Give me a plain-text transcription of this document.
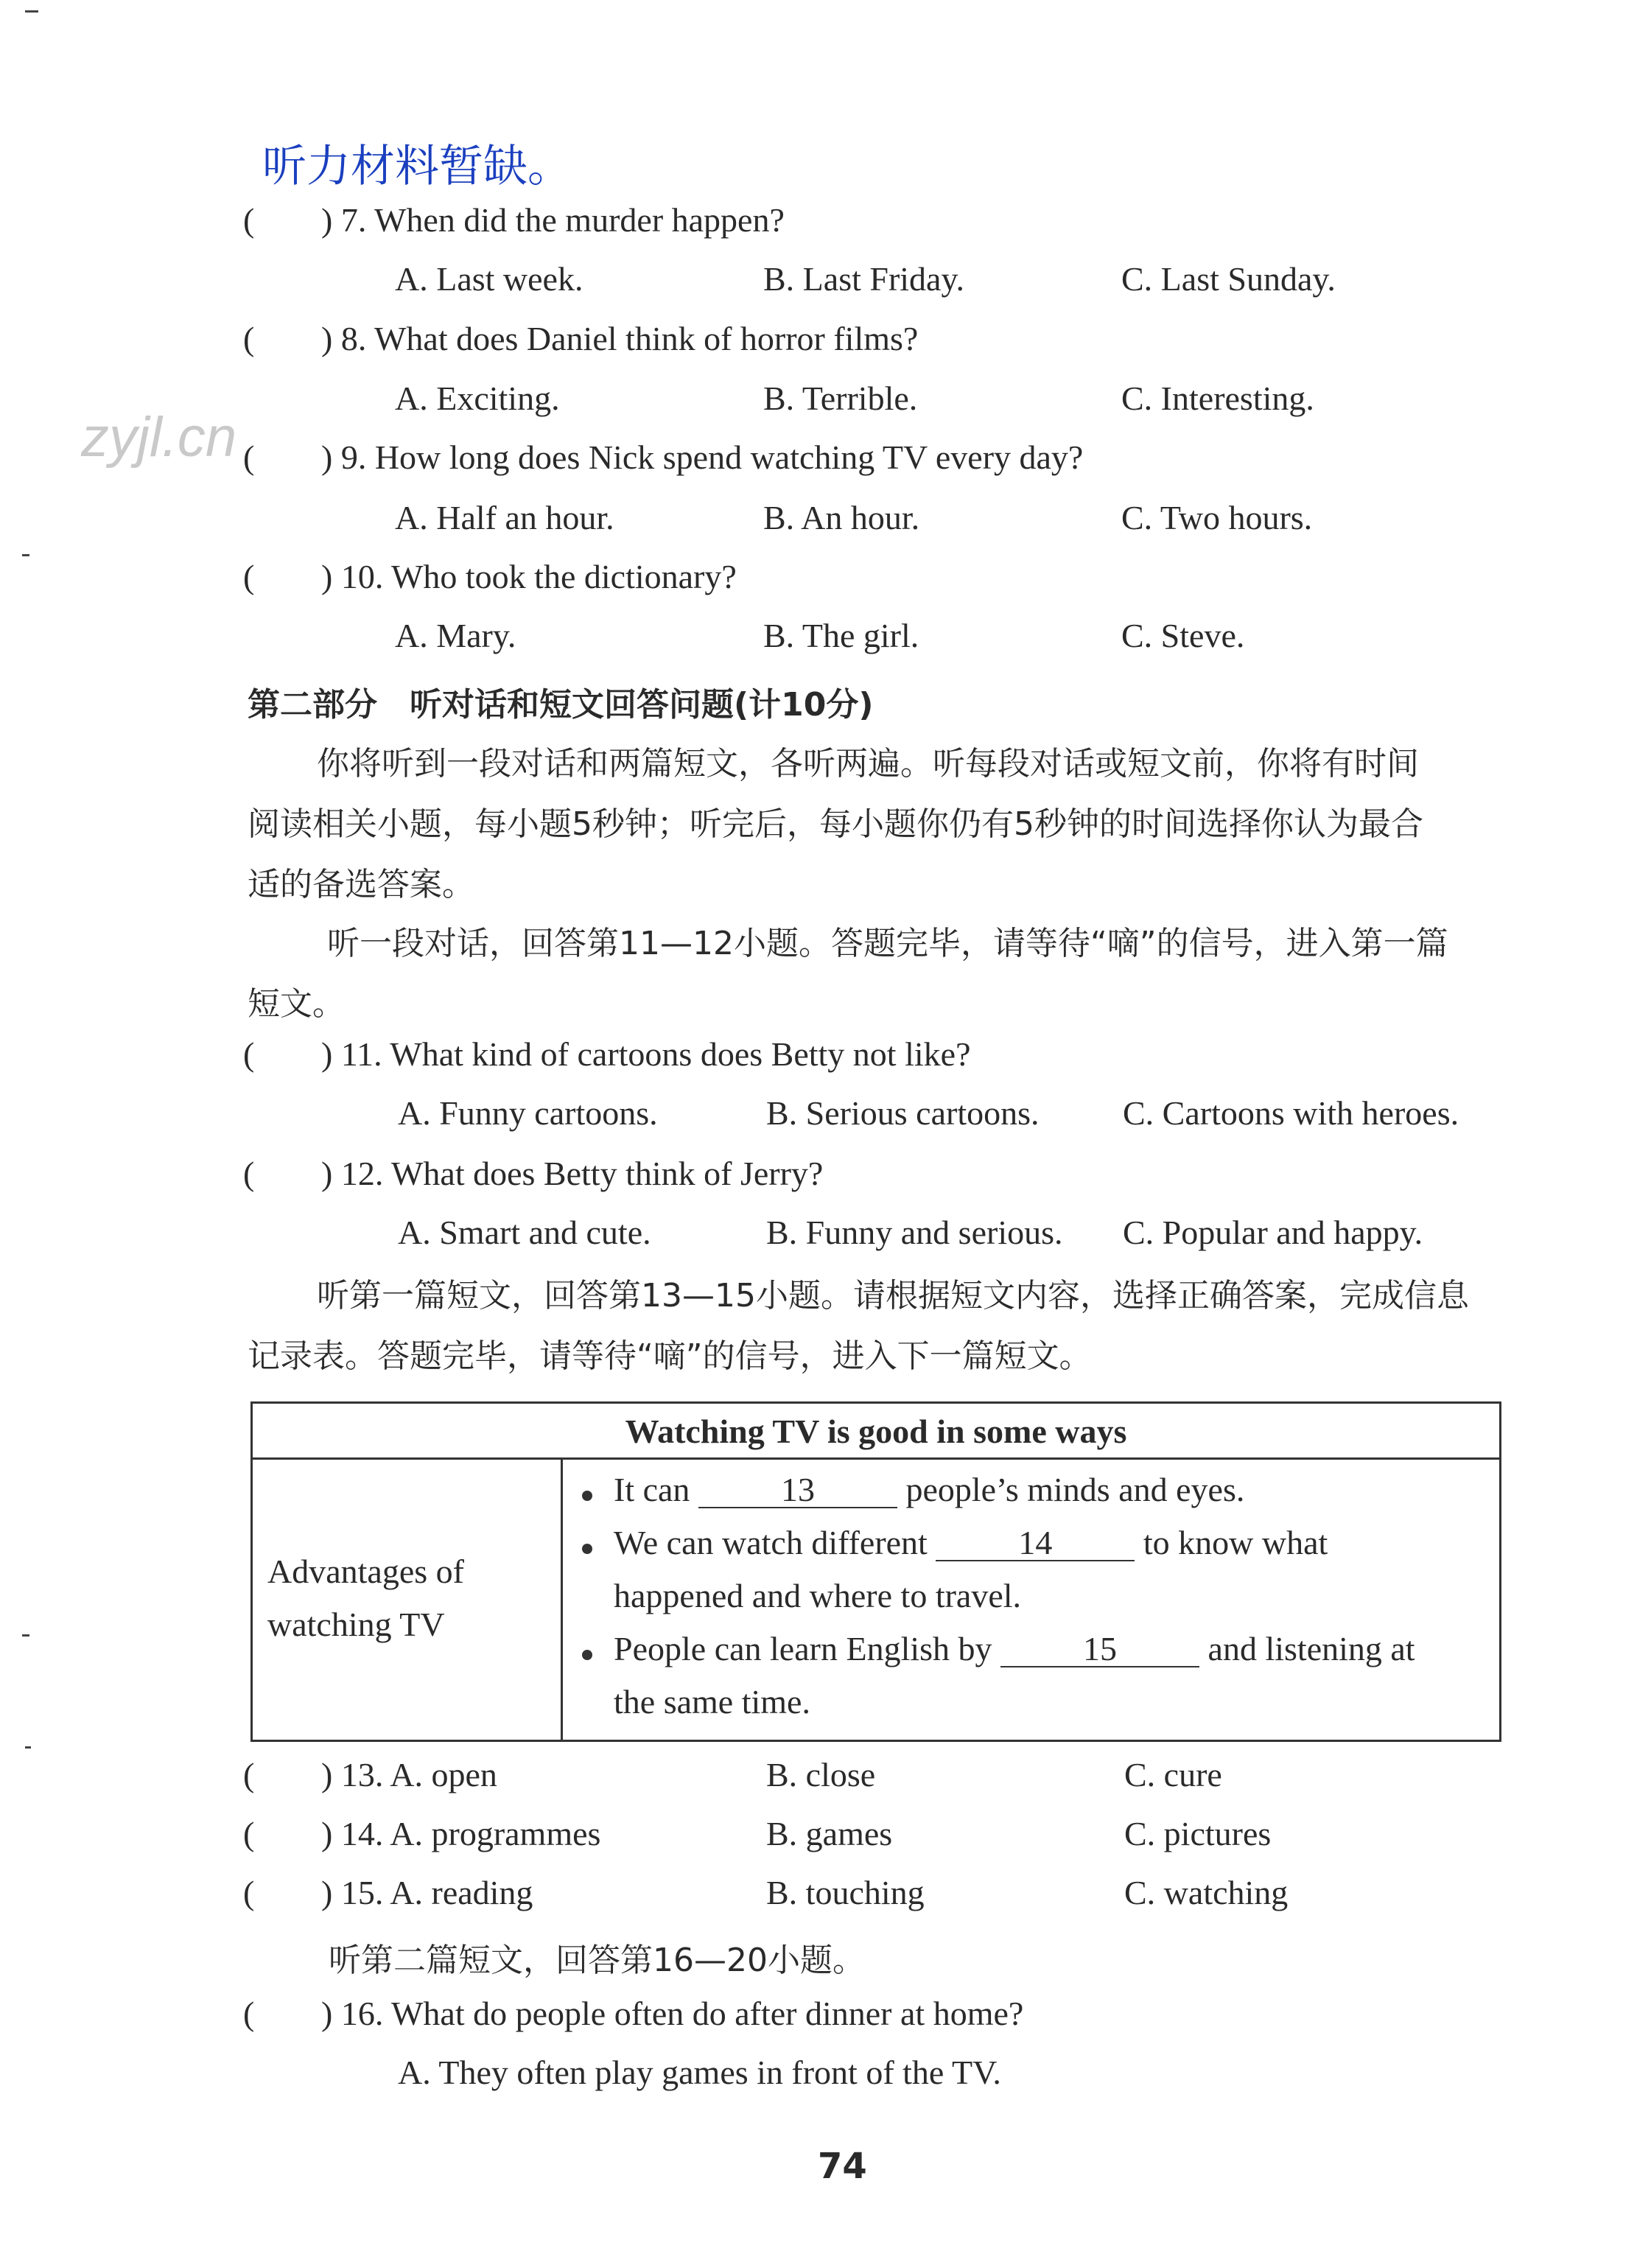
听力材料暂缺。
zyjl.cn
( ) 7. When did the murder happen?
A. Last week.	B. Last Friday.	C. Last Sunday.
( ) 8. What does Daniel think of horror films?
A. Exciting.	B. Terrible.	C. Interesting.
( ) 9. How long does Nick spend watching TV every day?
A. Half an hour.	B. An hour.	C. Two hours.
( ) 10. Who took the dictionary?
A. Mary.	B. The girl.	C. Steve.
第二部分　听对话和短文回答问题(计10分)
你将听到一段对话和两篇短文，各听两遍。听每段对话或短文前，你将有时间
阅读相关小题，每小题5秒钟；听完后，每小题你仍有5秒钟的时间选择你认为最合
适的备选答案。
听一段对话，回答第11—12小题。答题完毕，请等待“嘀”的信号，进入第一篇
短文。
( ) 11. What kind of cartoons does Betty not like?
A. Funny cartoons.	B. Serious cartoons. C. Cartoons with heroes.
( ) 12. What does Betty think of Jerry?
A. Smart and cute.	B. Funny and serious. C. Popular and happy.
听第一篇短文，回答第13—15小题。请根据短文内容，选择正确答案，完成信息
记录表。答题完毕，请等待“嘀”的信号，进入下一篇短文。
Watching TV is good in some ways
Advantages of
watching TV
It can	13	people’s minds and eyes.
We can watch different	14	to know what
happened and where to travel.
People can learn English by	15	and listening at
the same time.
( ) 13. A. open	B. close	C. cure
( ) 14. A. programmes	B. games	C. pictures
( ) 15. A. reading	B. touching	C. watching
听第二篇短文，回答第16—20小题。
( ) 16. What do people often do after dinner at home?
A. They often play games in front of the TV.
74
